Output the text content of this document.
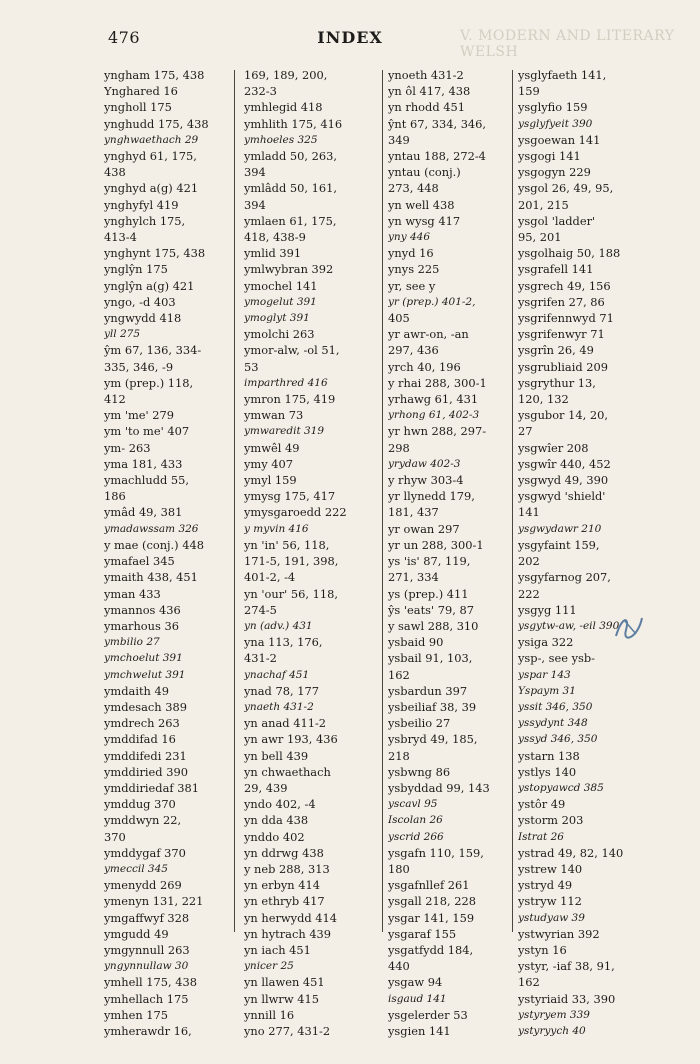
V. MODERN AND LITERARY WELSH
476	INDEX
yngham 175, 438
Ynghared 16
yngholl 175
ynghudd 175, 438
ynghwaethach 29
ynghyd 61, 175,
438
ynghyd a(g) 421
ynghyfyl 419
ynghylch 175,
413-4
ynghynt 175, 438
ynglŷn 175
ynglŷn a(g) 421
yngo, -d 403
yngwydd 418
yll 275
ŷm 67, 136, 334-
335, 346, -9
ym (prep.) 118,
412
ym 'me' 279
ym 'to me' 407
ym- 263
yma 181, 433
ymachludd 55,
186
ymâd 49, 381
ymadawssam 326
y mae (conj.) 448
ymafael 345
ymaith 438, 451
yman 433
ymannos 436
ymarhous 36
ymbilio 27
ymchoelut 391
ymchwelut 391
ymdaith 49
ymdesach 389
ymdrech 263
ymddifad 16
ymddifedi 231
ymddiried 390
ymddiriedaf 381
ymddug 370
ymddwyn 22,
370
ymddygaf 370
ymeccil 345
ymenydd 269
ymenyn 131, 221
ymgaffwyf 328
ymgudd 49
ymgynnull 263
yngynnullaw 30
ymhell 175, 438
ymhellach 175
ymhen 175
ymherawdr 16,
169, 189, 200,
232-3
ymhlegid 418
ymhlith 175, 416
ymhoeles 325
ymladd 50, 263,
394
ymlâdd 50, 161,
394
ymlaen 61, 175,
418, 438-9
ymlid 391
ymlwybran 392
ymochel 141
ymogelut 391
ymoglyt 391
ymolchi 263
ymor-alw, -ol 51,
53
imparthred 416
ymron 175, 419
ymwan 73
ymwaredit 319
ymwêl 49
ymy 407
ymyl 159
ymysg 175, 417
ymysgaroedd 222
y myvin 416
yn 'in' 56, 118,
171-5, 191, 398,
401-2, -4
yn 'our' 56, 118,
274-5
yn (adv.) 431
yna 113, 176,
431-2
ynachaf 451
ynad 78, 177
ynaeth 431-2
yn anad 411-2
yn awr 193, 436
yn bell 439
yn chwaethach
29, 439
yndo 402, -4
yn dda 438
ynddo 402
yn ddrwg 438
y neb 288, 313
yn erbyn 414
yn ethryb 417
yn herwydd 414
yn hytrach 439
yn iach 451
ynicer 25
yn llawen 451
yn llwrw 415
ynnill 16
yno 277, 431-2
ynoeth 431-2
yn ôl 417, 438
yn rhodd 451
ŷnt 67, 334, 346,
349
yntau 188, 272-4
yntau (conj.)
273, 448
yn well 438
yn wysg 417
yny 446
ynyd 16
ynys 225
yr, see y
yr (prep.) 401-2,
405
yr awr-on, -an
297, 436
yrch 40, 196
y rhai 288, 300-1
yrhawg 61, 431
yrhong 61, 402-3
yr hwn 288, 297-
298
yrydaw 402-3
y rhyw 303-4
yr llynedd 179,
181, 437
yr owan 297
yr un 288, 300-1
ys 'is' 87, 119,
271, 334
ys (prep.) 411
ŷs 'eats' 79, 87
y sawl 288, 310
ysbaid 90
ysbail 91, 103,
162
ysbardun 397
ysbeiliaf 38, 39
ysbeilio 27
ysbryd 49, 185,
218
ysbwng 86
ysbyddad 99, 143
yscavl 95
Iscolan 26
yscrid 266
ysgafn 110, 159,
180
ysgafnllef 261
ysgall 218, 228
ysgar 141, 159
ysgaraf 155
ysgatfydd 184,
440
ysgaw 94
isgaud 141
ysgelerder 53
ysgien 141
ysglyfaeth 141,
159
ysglyfio 159
ysglyfyeit 390
ysgoewan 141
ysgogi 141
ysgogyn 229
ysgol 26, 49, 95,
201, 215
ysgol 'ladder'
95, 201
ysgolhaig 50, 188
ysgrafell 141
ysgrech 49, 156
ysgrifen 27, 86
ysgrifennwyd 71
ysgrifenwyr 71
ysgrîn 26, 49
ysgrubliaid 209
ysgrythur 13,
120, 132
ysgubor 14, 20,
27
ysgwîer 208
ysgwîr 440, 452
ysgwyd 49, 390
ysgwyd 'shield'
141
ysgwydawr 210
ysgyfaint 159,
202
ysgyfarnog 207,
222
ysgyg 111
ysgytw-aw, -eil 390
ysiga 322
ysp-, see ysb-
yspar 143
Yspaym 31
yssit 346, 350
yssydynt 348
yssyd 346, 350
ystarn 138
ystlys 140
ystopyawcd 385
ystôr 49
ystorm 203
Istrat 26
ystrad 49, 82, 140
ystrew 140
ystryd 49
ystryw 112
ystudyaw 39
ystwyrian 392
ystyn 16
ystyr, -iaf 38, 91,
162
ystyriaid 33, 390
ystyryem 339
ystyryych 40
